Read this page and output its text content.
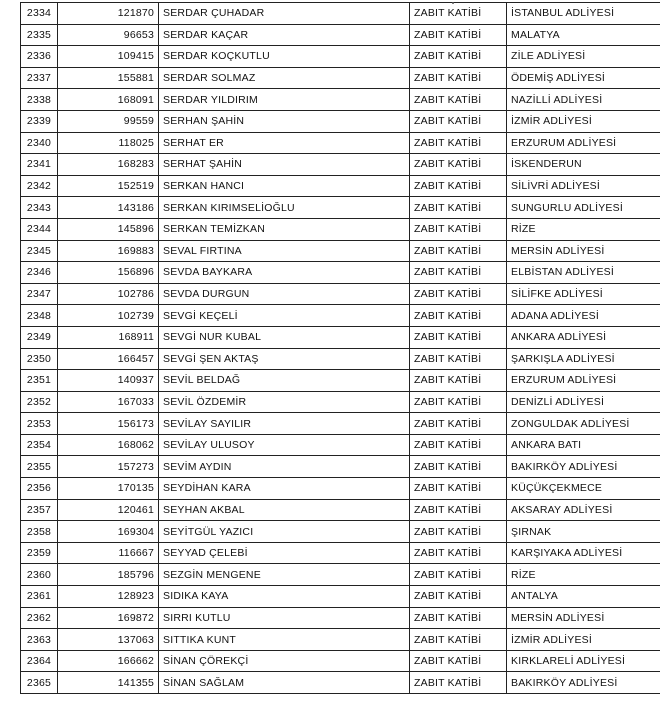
2334	121870	SERDAR ÇUHADAR	ZABIT KATİBİ	İSTANBUL ADLİYESİ
2335	96653	SERDAR KAÇAR	ZABIT KATİBİ	MALATYA
2336	109415	SERDAR KOÇKUTLU	ZABIT KATİBİ	ZİLE ADLİYESİ
2337	155881	SERDAR SOLMAZ	ZABIT KATİBİ	ÖDEMİŞ ADLİYESİ
2338	168091	SERDAR YILDIRIM	ZABIT KATİBİ	NAZİLLİ ADLİYESİ
2339	99559	SERHAN ŞAHİN	ZABIT KATİBİ	İZMİR ADLİYESİ
2340	118025	SERHAT ER	ZABIT KATİBİ	ERZURUM ADLİYESİ
2341	168283	SERHAT ŞAHİN	ZABIT KATİBİ	İSKENDERUN
2342	152519	SERKAN HANCI	ZABIT KATİBİ	SİLİVRİ ADLİYESİ
2343	143186	SERKAN KIRIMSELİOĞLU	ZABIT KATİBİ	SUNGURLU ADLİYESİ
2344	145896	SERKAN TEMİZKAN	ZABIT KATİBİ	RİZE
2345	169883	SEVAL FIRTINA	ZABIT KATİBİ	MERSİN ADLİYESİ
2346	156896	SEVDA BAYKARA	ZABIT KATİBİ	ELBİSTAN ADLİYESİ
2347	102786	SEVDA DURGUN	ZABIT KATİBİ	SİLİFKE ADLİYESİ
2348	102739	SEVGİ KEÇELİ	ZABIT KATİBİ	ADANA ADLİYESİ
2349	168911	SEVGİ NUR KUBAL	ZABIT KATİBİ	ANKARA ADLİYESİ
2350	166457	SEVGİ ŞEN AKTAŞ	ZABIT KATİBİ	ŞARKIŞLA ADLİYESİ
2351	140937	SEVİL BELDAĞ	ZABIT KATİBİ	ERZURUM ADLİYESİ
2352	167033	SEVİL ÖZDEMİR	ZABIT KATİBİ	DENİZLİ ADLİYESİ
2353	156173	SEVİLAY SAYILIR	ZABIT KATİBİ	ZONGULDAK ADLİYESİ
2354	168062	SEVİLAY ULUSOY	ZABIT KATİBİ	ANKARA BATI
2355	157273	SEVİM AYDIN	ZABIT KATİBİ	BAKIRKÖY ADLİYESİ
2356	170135	SEYDİHAN KARA	ZABIT KATİBİ	KÜÇÜKÇEKMECE
2357	120461	SEYHAN AKBAL	ZABIT KATİBİ	AKSARAY ADLİYESİ
2358	169304	SEYİTGÜL YAZICI	ZABIT KATİBİ	ŞIRNAK
2359	116667	SEYYAD ÇELEBİ	ZABIT KATİBİ	KARŞIYAKA ADLİYESİ
2360	185796	SEZGİN MENGENE	ZABIT KATİBİ	RİZE
2361	128923	SIDIKA KAYA	ZABIT KATİBİ	ANTALYA
2362	169872	SIRRI KUTLU	ZABIT KATİBİ	MERSİN ADLİYESİ
2363	137063	SITTIKA KUNT	ZABIT KATİBİ	İZMİR ADLİYESİ
2364	166662	SİNAN ÇÖREKÇİ	ZABIT KATİBİ	KIRKLARELİ ADLİYESİ
2365	141355	SİNAN SAĞLAM	ZABIT KATİBİ	BAKIRKÖY ADLİYESİ
